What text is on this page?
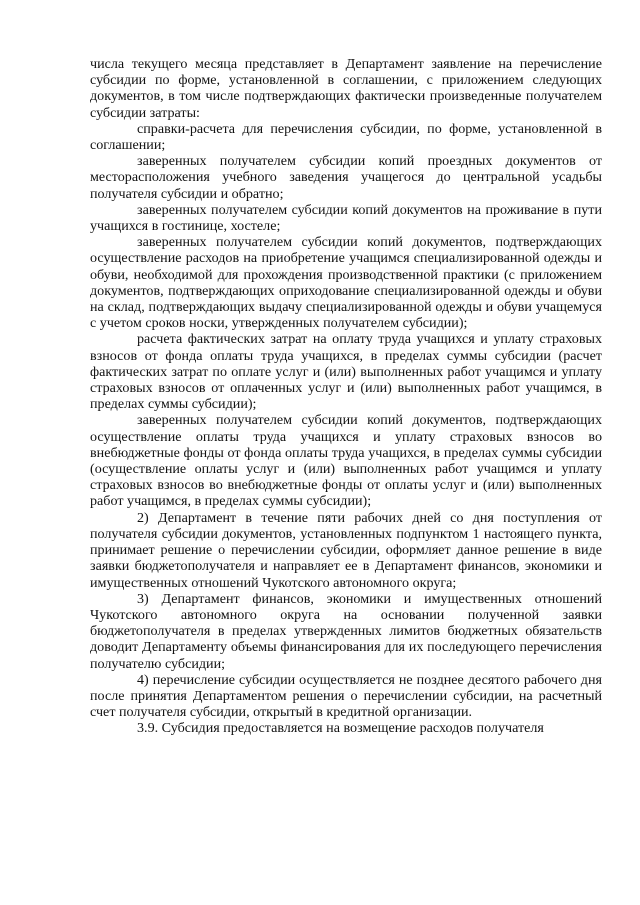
числа текущего месяца представляет в Департамент заявление на перечисление субсидии по форме, установленной в соглашении, с приложением следующих документов, в том числе подтверждающих фактически произведенные получателем субсидии затраты:

справки-расчета для перечисления субсидии, по форме, установленной в соглашении;

заверенных получателем субсидии копий проездных документов от месторасположения учебного заведения учащегося до центральной усадьбы получателя субсидии и обратно;

заверенных получателем субсидии копий документов на проживание в пути учащихся в гостинице, хостеле;

заверенных получателем субсидии копий документов, подтверждающих осуществление расходов на приобретение учащимся специализированной одежды и обуви, необходимой для прохождения производственной практики (с приложением документов, подтверждающих оприходование специализированной одежды и обуви на склад, подтверждающих выдачу специализированной одежды и обуви учащемуся с учетом сроков носки, утвержденных получателем субсидии);

расчета фактических затрат на оплату труда учащихся и уплату страховых взносов от фонда оплаты труда учащихся, в пределах суммы субсидии (расчет фактических затрат по оплате услуг и (или) выполненных работ учащимся и уплату страховых взносов от оплаченных услуг и (или) выполненных работ учащимся, в пределах суммы субсидии);

заверенных получателем субсидии копий документов, подтверждающих осуществление оплаты труда учащихся и уплату страховых взносов во внебюджетные фонды от фонда оплаты труда учащихся, в пределах суммы субсидии (осуществление оплаты услуг и (или) выполненных работ учащимся и уплату страховых взносов во внебюджетные фонды от оплаты услуг и (или) выполненных работ учащимся, в пределах суммы субсидии);

2) Департамент в течение пяти рабочих дней со дня поступления от получателя субсидии документов, установленных подпунктом 1 настоящего пункта, принимает решение о перечислении субсидии, оформляет данное решение в виде заявки бюджетополучателя и направляет ее в Департамент финансов, экономики и имущественных отношений Чукотского автономного округа;

3) Департамент финансов, экономики и имущественных отношений Чукотского автономного округа на основании полученной заявки бюджетополучателя в пределах утвержденных лимитов бюджетных обязательств доводит Департаменту объемы финансирования для их последующего перечисления получателю субсидии;

4) перечисление субсидии осуществляется не позднее десятого рабочего дня после принятия Департаментом решения о перечислении субсидии, на расчетный счет получателя субсидии, открытый в кредитной организации.

3.9. Субсидия предоставляется на возмещение расходов получателя
